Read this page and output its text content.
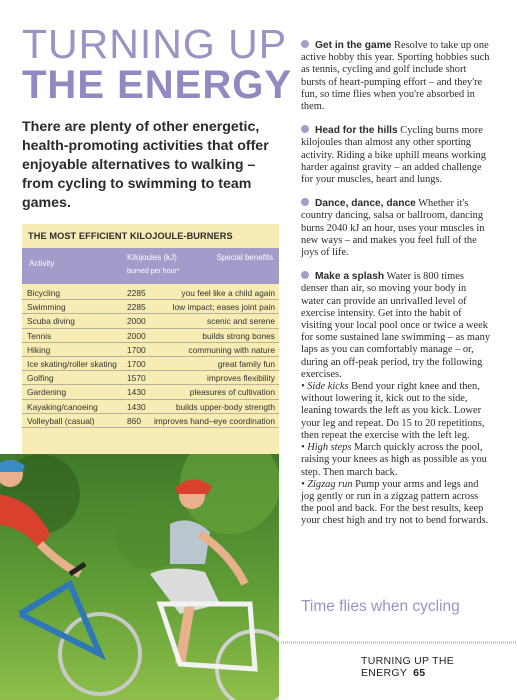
TURNING UP
THE ENERGY
There are plenty of other energetic, health-promoting activities that offer enjoyable alternatives to walking – from cycling to swimming to team games.
THE MOST EFFICIENT KILOJOULE-BURNERS
Activity
Kilojoules (kJ)
burned per hour*
Special benefits
Bicycling	2285	you feel like a child again
Swimming	2285	low impact; eases joint pain
Scuba diving	2000	scenic and serene
Tennis	2000	builds strong bones
Hiking	1700	communing with nature
Ice skating/roller skating 1700	great family fun
Golfing	1570	improves flexibility
Gardening	1430	pleasures of cultivation
Kayaking/canoeing	1430	builds upper-body strength
Volleyball (casual)	860 improves hand–eye coordination

Get in the game Resolve to take up one active hobby this year. Sporting hobbies such as tennis, cycling and golf include short bursts of heart-pumping effort – and they're fun, so time flies when you're absorbed in them.

Head for the hills Cycling burns more kilojoules than almost any other sporting activity. Riding a bike uphill means working harder against gravity – an added challenge for your muscles, heart and lungs.

Dance, dance, dance Whether it's country dancing, salsa or ballroom, dancing burns 2040 kJ an hour, uses your muscles in new ways – and makes you feel full of the joys of life.

Make a splash Water is 800 times denser than air, so moving your body in water can provide an unrivalled level of exercise intensity. Get into the habit of visiting your local pool once or twice a week for some sustained lane swimming – as many laps as you can comfortably manage – or, during an off-peak period, try the following exercises.

• Side kicks Bend your right knee and then, without lowering it, kick out to the side, leaning towards the left as you kick. Lower your leg and repeat. Do 15 to 20 repetitions, then repeat the exercise with the left leg.

• High steps March quickly across the pool, raising your knees as high as possible as you step. Then march back.

• Zigzag run Pump your arms and legs and jog gently or run in a zigzag pattern across the pool and back. For the best results, keep your chest high and try not to bend forwards.

Time flies when cycling
TURNING UP THE ENERGY 65
